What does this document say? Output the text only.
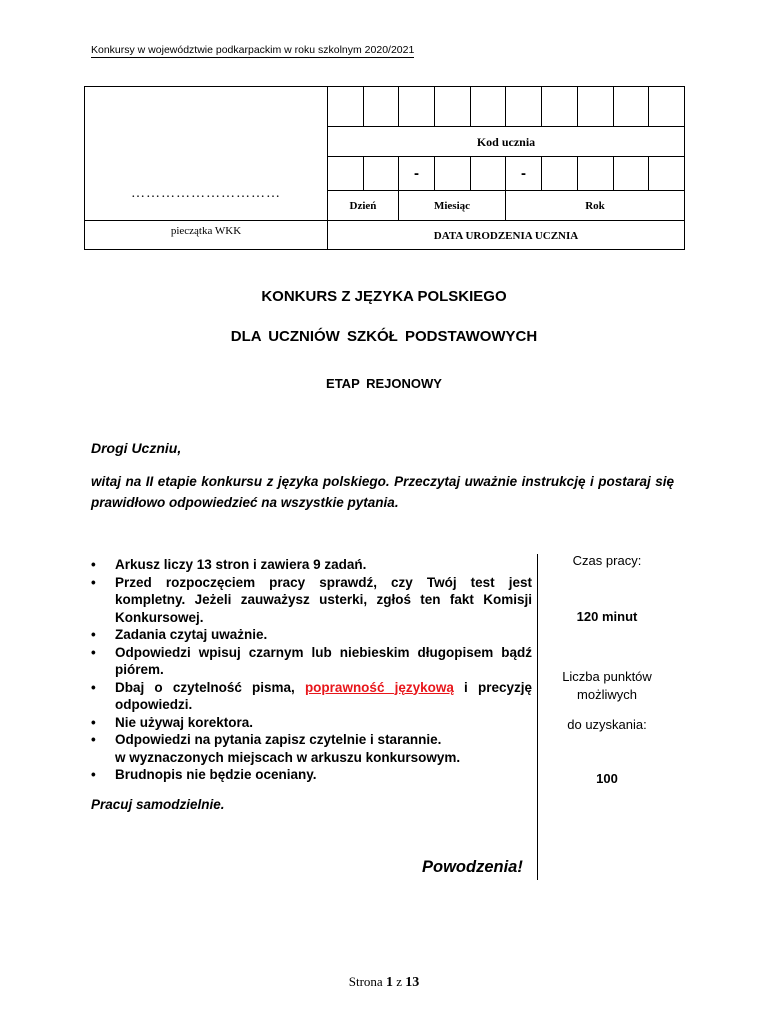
Konkursy w województwie podkarpackim w roku szkolnym 2020/2021
…………………………										

	Kod ucznia									
			-			-				
	Dzień		Miesiąc			Rok				
pieczątka WKK	DATA URODZENIA UCZNIA									
KONKURS Z JĘZYKA POLSKIEGO
DLA UCZNIÓW SZKÓŁ PODSTAWOWYCH
ETAP REJONOWY
Drogi Uczniu,
witaj na II etapie konkursu z języka polskiego. Przeczytaj uważnie instrukcję i postaraj się prawidłowo odpowiedzieć na wszystkie pytania.
• Arkusz liczy 13 stron i zawiera 9 zadań.
• Przed rozpoczęciem pracy sprawdź, czy Twój test jest kompletny. Jeżeli zauważysz usterki, zgłoś ten fakt Komisji Konkursowej.
• Zadania czytaj uważnie.
• Odpowiedzi wpisuj czarnym lub niebieskim długopisem bądź piórem.
• Dbaj o czytelność pisma, poprawność językową i precyzję odpowiedzi.
• Nie używaj korektora.
• Odpowiedzi na pytania zapisz czytelnie i starannie.
w wyznaczonych miejscach w arkuszu konkursowym.
• Brudnopis nie będzie oceniany.
Pracuj samodzielnie.
Powodzenia!
Czas pracy:
120 minut
Liczba punktów
możliwych
do uzyskania:
100
Strona 1 z 13
